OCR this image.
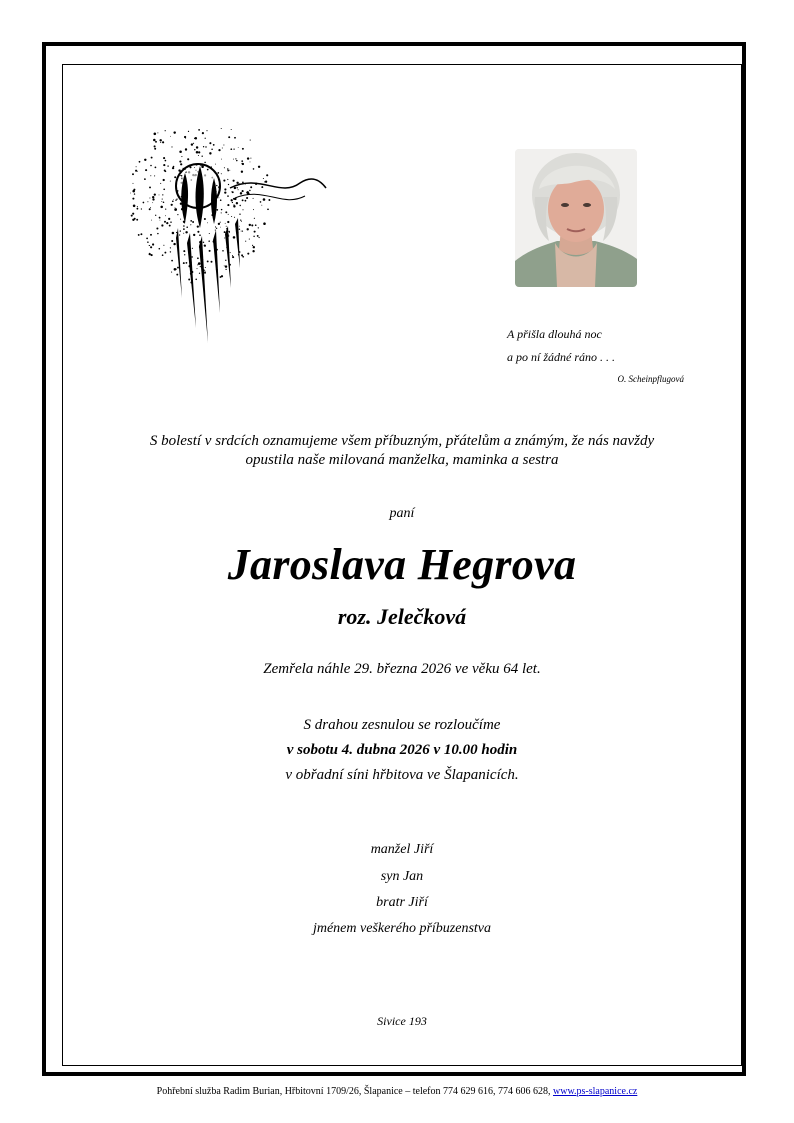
A přišla dlouhá noc
a po ní žádné ráno . . .
O. Scheinpflugová
S bolestí v srdcích oznamujeme všem příbuzným, přátelům a známým, že nás navždy
opustila naše milovaná manželka, maminka a sestra
paní
Jaroslava Hegrova
roz. Jelečková
Zemřela náhle 29. března 2026 ve věku 64 let.
S drahou zesnulou se rozloučíme
v sobotu 4. dubna 2026 v 10.00 hodin
v obřadní síni hřbitova ve Šlapanicích.
manžel Jiří
syn Jan
bratr Jiří
jménem veškerého příbuzenstva
Sivice 193
Pohřební služba Radim Burian, Hřbitovní 1709/26, Šlapanice – telefon 774 629 616, 774 606 628, www.ps-slapanice.cz
